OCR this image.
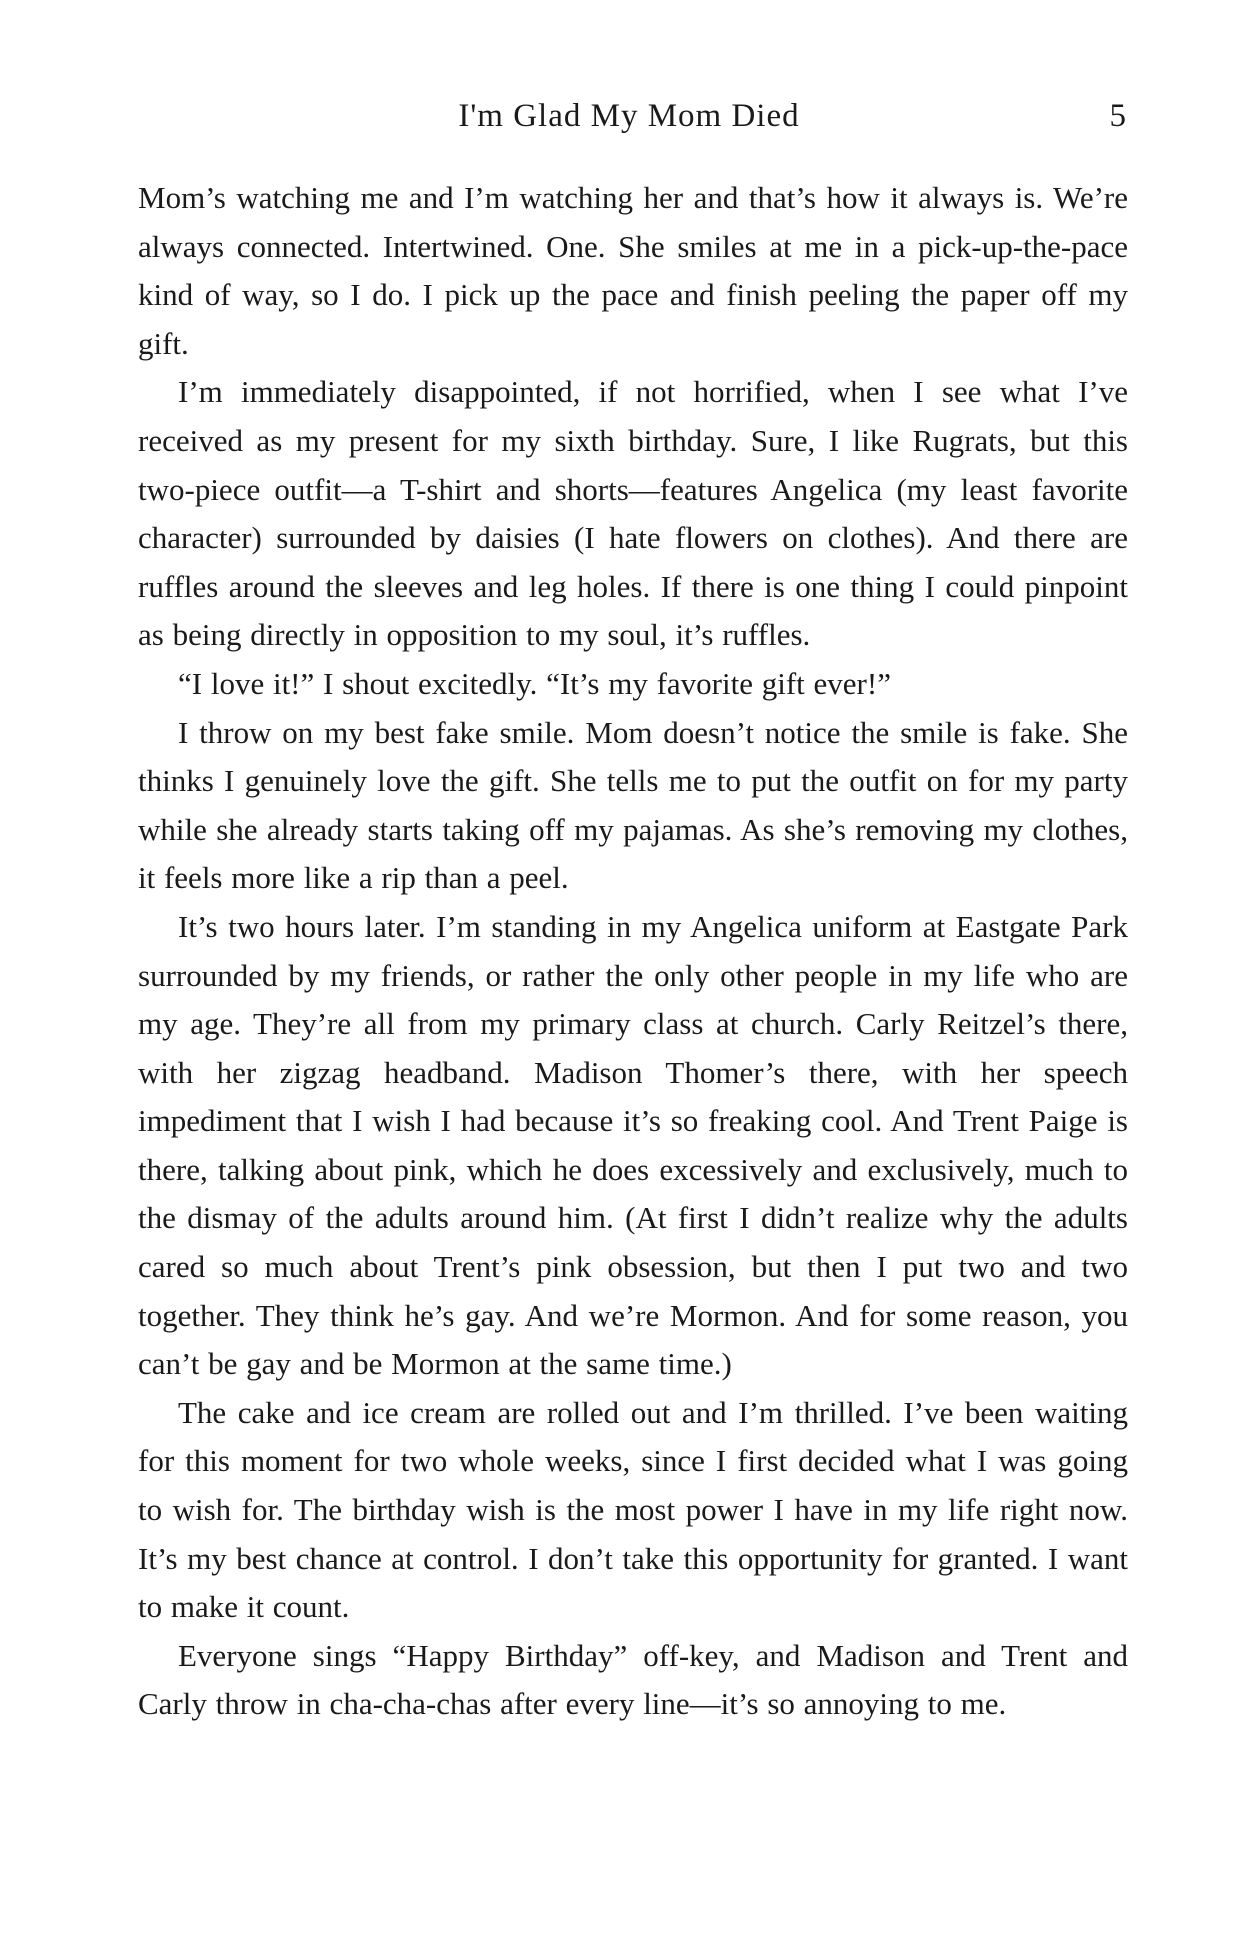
I'm Glad My Mom Died	5

Mom’s watching me and I’m watching her and that’s how it always is. We’re always connected. Intertwined. One. She smiles at me in a pick-up-the-pace kind of way, so I do. I pick up the pace and finish peeling the paper off my gift.

I’m immediately disappointed, if not horrified, when I see what I’ve received as my present for my sixth birthday. Sure, I like Rugrats, but this two-piece outfit—a T-shirt and shorts—features Angelica (my least favorite character) surrounded by daisies (I hate flowers on clothes). And there are ruffles around the sleeves and leg holes. If there is one thing I could pinpoint as being directly in opposition to my soul, it’s ruffles.

“I love it!” I shout excitedly. “It’s my favorite gift ever!”

I throw on my best fake smile. Mom doesn’t notice the smile is fake. She thinks I genuinely love the gift. She tells me to put the outfit on for my party while she already starts taking off my pajamas. As she’s removing my clothes, it feels more like a rip than a peel.

It’s two hours later. I’m standing in my Angelica uniform at Eastgate Park surrounded by my friends, or rather the only other people in my life who are my age. They’re all from my primary class at church. Carly Reitzel’s there, with her zigzag headband. Madison Thomer’s there, with her speech impediment that I wish I had because it’s so freaking cool. And Trent Paige is there, talking about pink, which he does excessively and exclusively, much to the dismay of the adults around him. (At first I didn’t realize why the adults cared so much about Trent’s pink obsession, but then I put two and two together. They think he’s gay. And we’re Mormon. And for some reason, you can’t be gay and be Mormon at the same time.)

The cake and ice cream are rolled out and I’m thrilled. I’ve been waiting for this moment for two whole weeks, since I first decided what I was going to wish for. The birthday wish is the most power I have in my life right now. It’s my best chance at control. I don’t take this opportunity for granted. I want to make it count.

Everyone sings “Happy Birthday” off-key, and Madison and Trent and Carly throw in cha-cha-chas after every line—it’s so annoying to me.
